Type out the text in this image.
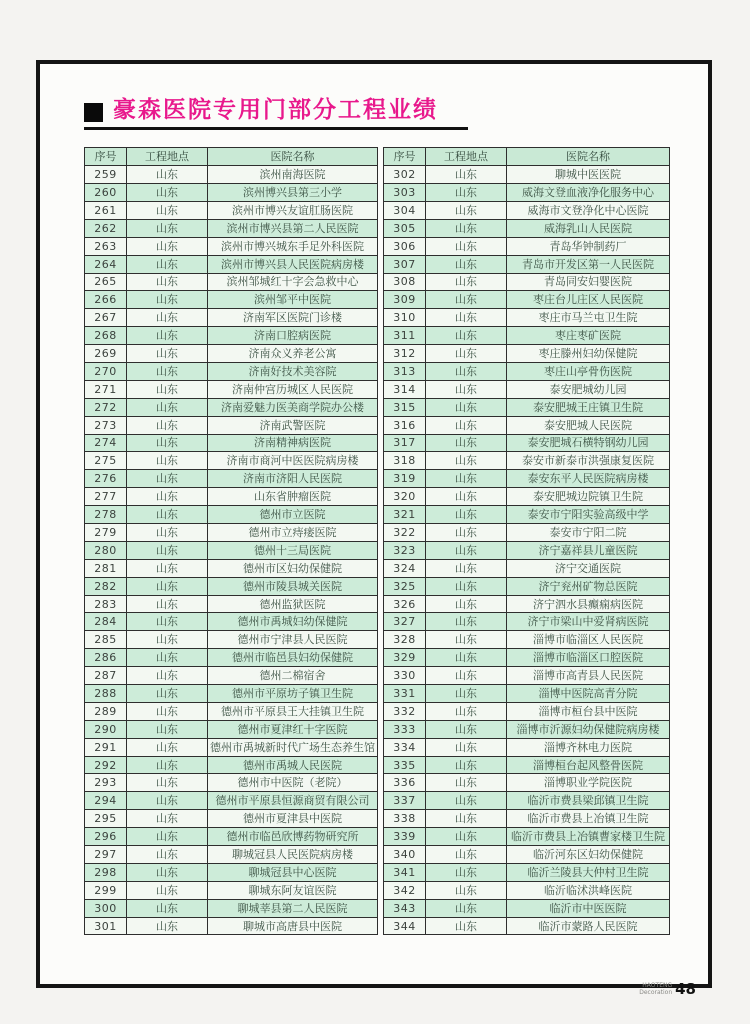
豪森医院专用门部分工程业绩
序号	工程地点	医院名称
259	山东	滨州南海医院
260	山东	滨州博兴县第三小学
261	山东	滨州市博兴友谊肛肠医院
262	山东	滨州市博兴县第二人民医院
263	山东	滨州市博兴城东手足外科医院
264	山东	滨州市博兴县人民医院病房楼
265	山东	滨州邹城红十字会急救中心
266	山东	滨州邹平中医院
267	山东	济南军区医院门诊楼
268	山东	济南口腔病医院
269	山东	济南众义养老公寓
270	山东	济南好技术美容院
271	山东	济南仲宫历城区人民医院
272	山东	济南爱魅力医美商学院办公楼
273	山东	济南武警医院
274	山东	济南精神病医院
275	山东	济南市商河中医医院病房楼
276	山东	济南市济阳人民医院
277	山东	山东省肿瘤医院
278	山东	德州市立医院
279	山东	德州市立痔瘘医院
280	山东	德州十三局医院
281	山东	德州市区妇幼保健院
282	山东	德州市陵县城关医院
283	山东	德州监狱医院
284	山东	德州市禹城妇幼保健院
285	山东	德州市宁津县人民医院
286	山东	德州市临邑县妇幼保健院
287	山东	德州二棉宿舍
288	山东	德州市平原坊子镇卫生院
289	山东	德州市平原县王大挂镇卫生院
290	山东	德州市夏津红十字医院
291	山东	德州市禹城新时代广场生态养生馆
292	山东	德州市禹城人民医院
293	山东	德州市中医院（老院）
294	山东	德州市平原县恒源商贸有限公司
295	山东	德州市夏津县中医院
296	山东	德州市临邑欣博药物研究所
297	山东	聊城冠县人民医院病房楼
298	山东	聊城冠县中心医院
299	山东	聊城东阿友谊医院
300	山东	聊城莘县第二人民医院
301	山东	聊城市高唐县中医院
序号	工程地点	医院名称
302	山东	聊城中医医院
303	山东	威海文登血液净化服务中心
304	山东	威海市文登净化中心医院
305	山东	威海乳山人民医院
306	山东	青岛华钟制药厂
307	山东	青岛市开发区第一人民医院
308	山东	青岛同安妇婴医院
309	山东	枣庄台儿庄区人民医院
310	山东	枣庄市马兰屯卫生院
311	山东	枣庄枣矿医院
312	山东	枣庄滕州妇幼保健院
313	山东	枣庄山亭骨伤医院
314	山东	泰安肥城幼儿园
315	山东	泰安肥城王庄镇卫生院
316	山东	泰安肥城人民医院
317	山东	泰安肥城石横特钢幼儿园
318	山东	泰安市新泰市洪强康复医院
319	山东	泰安东平人民医院病房楼
320	山东	泰安肥城边院镇卫生院
321	山东	泰安市宁阳实验高级中学
322	山东	泰安市宁阳二院
323	山东	济宁嘉祥县儿童医院
324	山东	济宁交通医院
325	山东	济宁兖州矿物总医院
326	山东	济宁泗水县癫痫病医院
327	山东	济宁市梁山中爱肾病医院
328	山东	淄博市临淄区人民医院
329	山东	淄博市临淄区口腔医院
330	山东	淄博市高青县人民医院
331	山东	淄博中医院高青分院
332	山东	淄博市桓台县中医院
333	山东	淄博市沂源妇幼保健院病房楼
334	山东	淄博齐林电力医院
335	山东	淄博桓台起风整骨医院
336	山东	淄博职业学院医院
337	山东	临沂市费县梁邱镇卫生院
338	山东	临沂市费县上冶镇卫生院
339	山东	临沂市费县上冶镇曹家楼卫生院
340	山东	临沂河东区妇幼保健院
341	山东	临沂兰陵县大仲村卫生院
342	山东	临沂临沭洪峰医院
343	山东	临沂市中医医院
344	山东	临沂市蒙路人民医院
HAOTENG
Decoration 48
